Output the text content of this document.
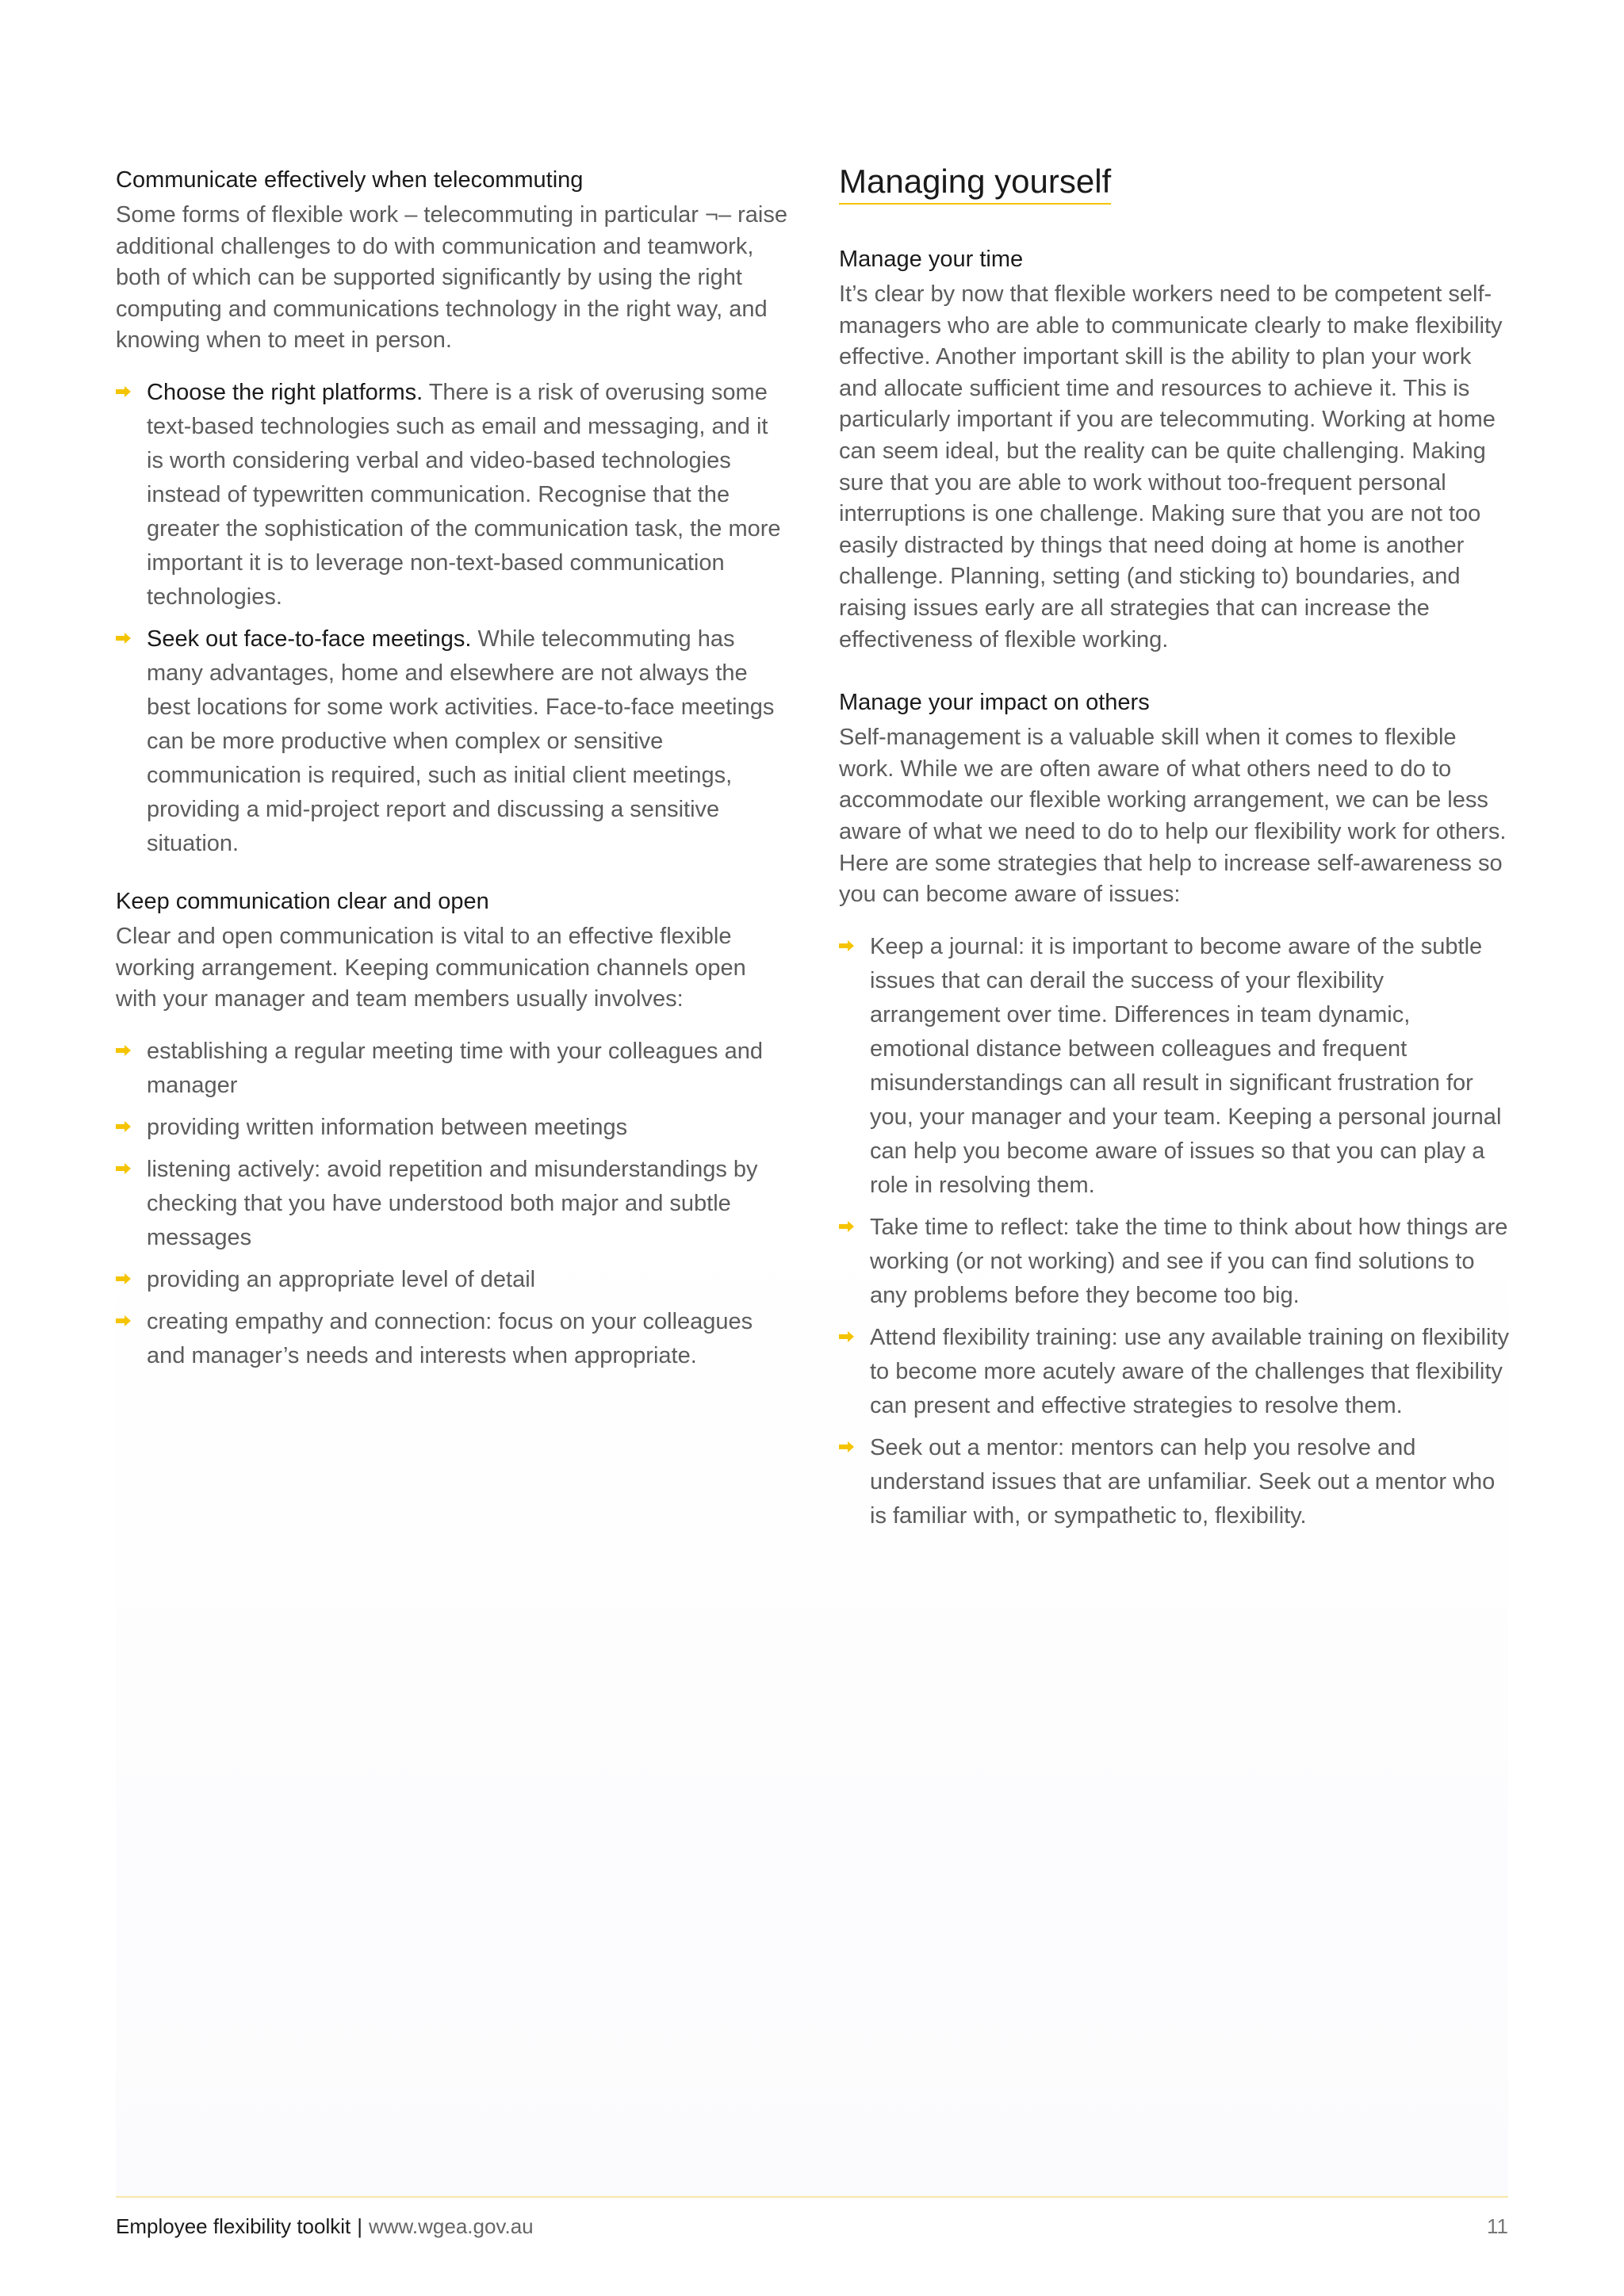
Communicate effectively when telecommuting

Some forms of flexible work – telecommuting in particular ¬– raise additional challenges to do with communication and teamwork, both of which can be supported significantly by using the right computing and communications technology in the right way, and knowing when to meet in person.

Choose the right platforms. There is a risk of overusing some text-based technologies such as email and messaging, and it is worth considering verbal and video-based technologies instead of typewritten communication. Recognise that the greater the sophistication of the communication task, the more important it is to leverage non-text-based communication technologies.
Seek out face-to-face meetings. While telecommuting has many advantages, home and elsewhere are not always the best locations for some work activities. Face-to-face meetings can be more productive when complex or sensitive communication is required, such as initial client meetings, providing a mid-project report and discussing a sensitive situation.
Keep communication clear and open

Clear and open communication is vital to an effective flexible working arrangement. Keeping communication channels open with your manager and team members usually involves:

establishing a regular meeting time with your colleagues and manager
providing written information between meetings
listening actively: avoid repetition and misunderstandings by checking that you have understood both major and subtle messages
providing an appropriate level of detail
creating empathy and connection: focus on your colleagues and manager’s needs and interests when appropriate.
Managing yourself
Manage your time

It’s clear by now that flexible workers need to be competent self-managers who are able to communicate clearly to make flexibility effective. Another important skill is the ability to plan your work and allocate sufficient time and resources to achieve it. This is particularly important if you are telecommuting. Working at home can seem ideal, but the reality can be quite challenging. Making sure that you are able to work without too-frequent personal interruptions is one challenge. Making sure that you are not too easily distracted by things that need doing at home is another challenge. Planning, setting (and sticking to) boundaries, and raising issues early are all strategies that can increase the effectiveness of flexible working.

Manage your impact on others

Self-management is a valuable skill when it comes to flexible work. While we are often aware of what others need to do to accommodate our flexible working arrangement, we can be less aware of what we need to do to help our flexibility work for others. Here are some strategies that help to increase self-awareness so you can become aware of issues:

Keep a journal: it is important to become aware of the subtle issues that can derail the success of your flexibility arrangement over time. Differences in team dynamic, emotional distance between colleagues and frequent misunderstandings can all result in significant frustration for you, your manager and your team. Keeping a personal journal can help you become aware of issues so that you can play a role in resolving them.
Take time to reflect: take the time to think about how things are working (or not working) and see if you can find solutions to any problems before they become too big.
Attend flexibility training: use any available training on flexibility to become more acutely aware of the challenges that flexibility can present and effective strategies to resolve them.
Seek out a mentor: mentors can help you resolve and understand issues that are unfamiliar. Seek out a mentor who is familiar with, or sympathetic to, flexibility.
Employee flexibility toolkit | www.wgea.gov.au	11
